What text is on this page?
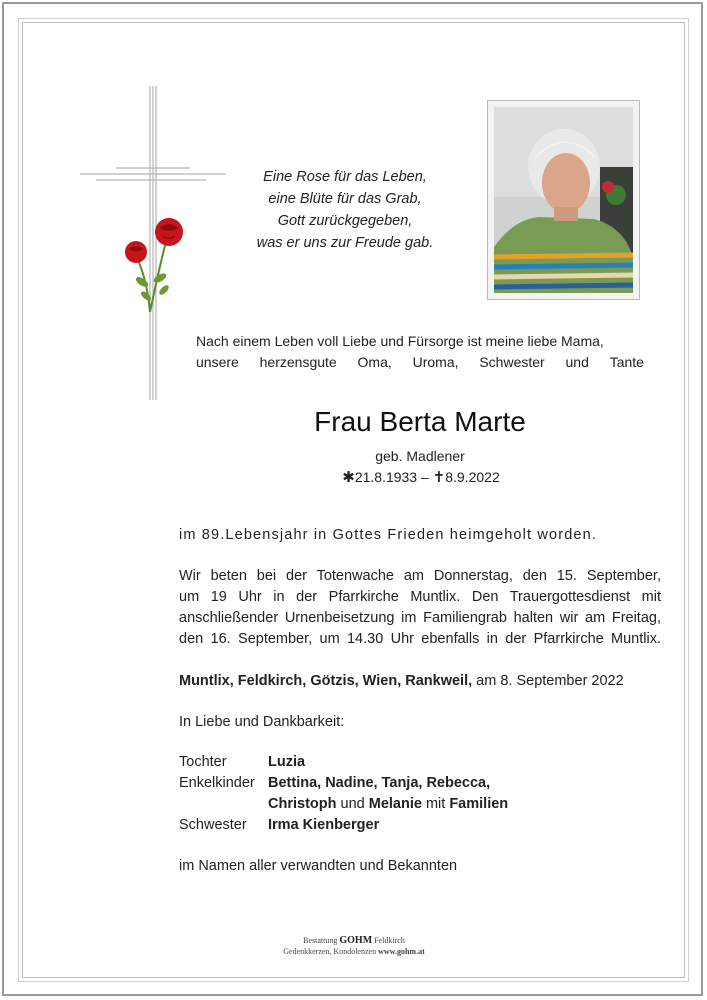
Eine Rose für das Leben,
eine Blüte für das Grab,
Gott zurückgegeben,
was er uns zur Freude gab.
Nach einem Leben voll Liebe und Fürsorge ist meine liebe Mama,
unsere herzensgute Oma, Uroma, Schwester und Tante
Frau Berta Marte
geb. Madlener
✱21.8.1933 – ✝8.9.2022
im 89.Lebensjahr in Gottes Frieden heimgeholt worden.
Wir beten bei der Totenwache am Donnerstag, den 15. September,
um 19 Uhr in der Pfarrkirche Muntlix. Den Trauergottesdienst mit
anschließender Urnenbeisetzung im Familiengrab halten wir am Freitag,
den 16. September, um 14.30 Uhr ebenfalls in der Pfarrkirche Muntlix.
Muntlix, Feldkirch, Götzis, Wien, Rankweil, am 8. September 2022
In Liebe und Dankbarkeit:
Tochter	Luzia
Enkelkinder Bettina, Nadine, Tanja, Rebecca,
Christoph und Melanie mit Familien
Schwester	Irma Kienberger
im Namen aller verwandten und Bekannten
Bestattung GOHM Feldkirch
Gedenkkerzen, Kondolenzen www.gohm.at
